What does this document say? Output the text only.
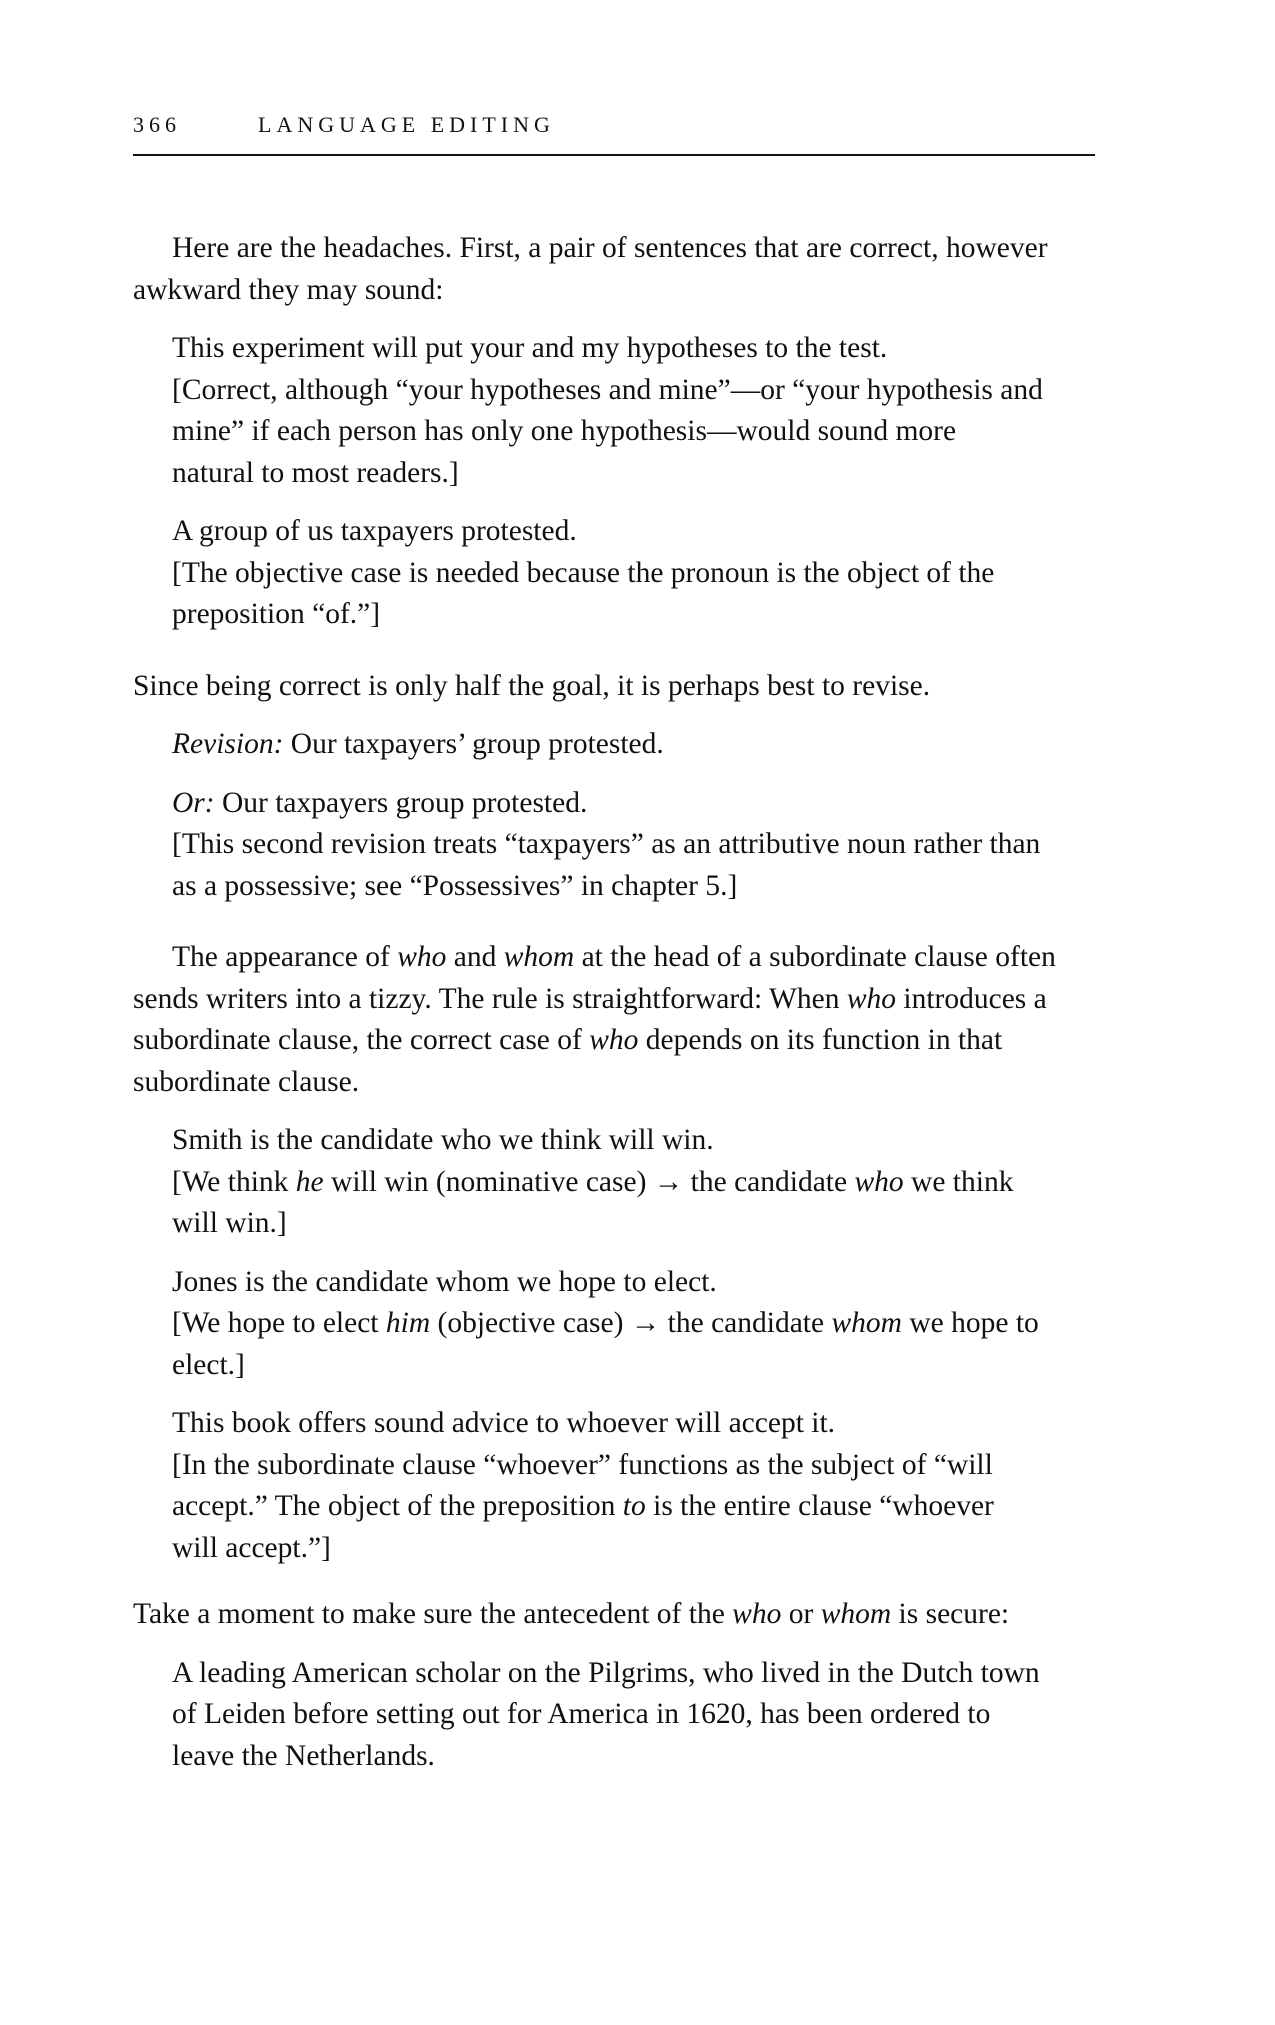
366	LANGUAGE EDITING

Here are the headaches. First, a pair of sentences that are correct, however awkward they may sound:

This experiment will put your and my hypotheses to the test.

[Correct, although “your hypotheses and mine”—or “your hypothesis and mine” if each person has only one hypothesis—would sound more natural to most readers.]

A group of us taxpayers protested.

[The objective case is needed because the pronoun is the object of the preposition “of.”]

Since being correct is only half the goal, it is perhaps best to revise.

Revision: Our taxpayers’ group protested.

Or: Our taxpayers group protested.

[This second revision treats “taxpayers” as an attributive noun rather than as a possessive; see “Possessives” in chapter 5.]

The appearance of who and whom at the head of a subordinate clause often sends writers into a tizzy. The rule is straightforward: When who introduces a subordinate clause, the correct case of who depends on its function in that subordinate clause.

Smith is the candidate who we think will win.

[We think he will win (nominative case) → the candidate who we think will win.]

Jones is the candidate whom we hope to elect.

[We hope to elect him (objective case) → the candidate whom we hope to elect.]

This book offers sound advice to whoever will accept it.

[In the subordinate clause “whoever” functions as the subject of “will accept.” The object of the preposition to is the entire clause “whoever will accept.”]

Take a moment to make sure the antecedent of the who or whom is secure:

A leading American scholar on the Pilgrims, who lived in the Dutch town of Leiden before setting out for America in 1620, has been ordered to leave the Netherlands.
